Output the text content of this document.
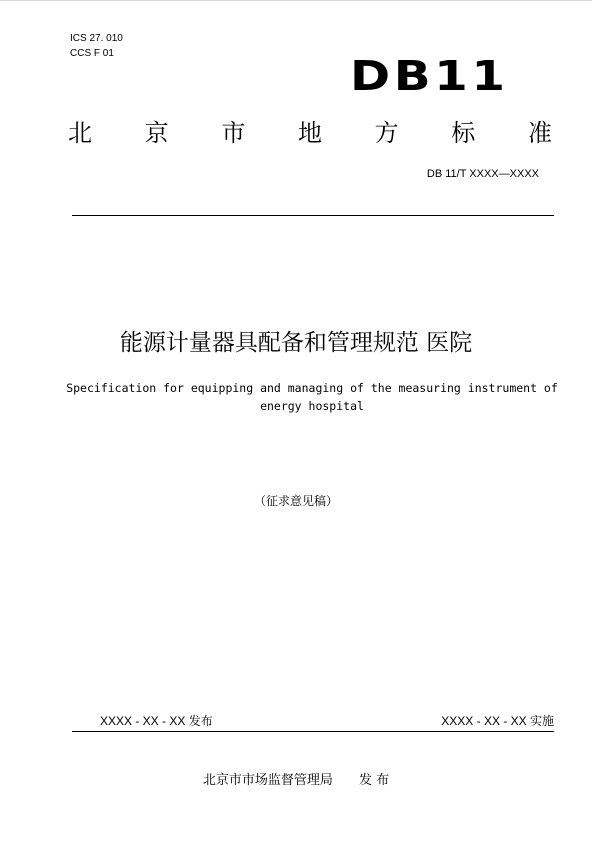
ICS 27. 010
CCS F 01	DB11
北 京 市 地 方 标 准
DB 11/T XXXX—XXXX
能源计量器具配备和管理规范 医院
Specification for equipping and managing of the measuring instrument of energy hospital
（征求意见稿）
XXXX - XX - XX 发布	XXXX - XX - XX 实施
北京市市场监督管理局 发 布
